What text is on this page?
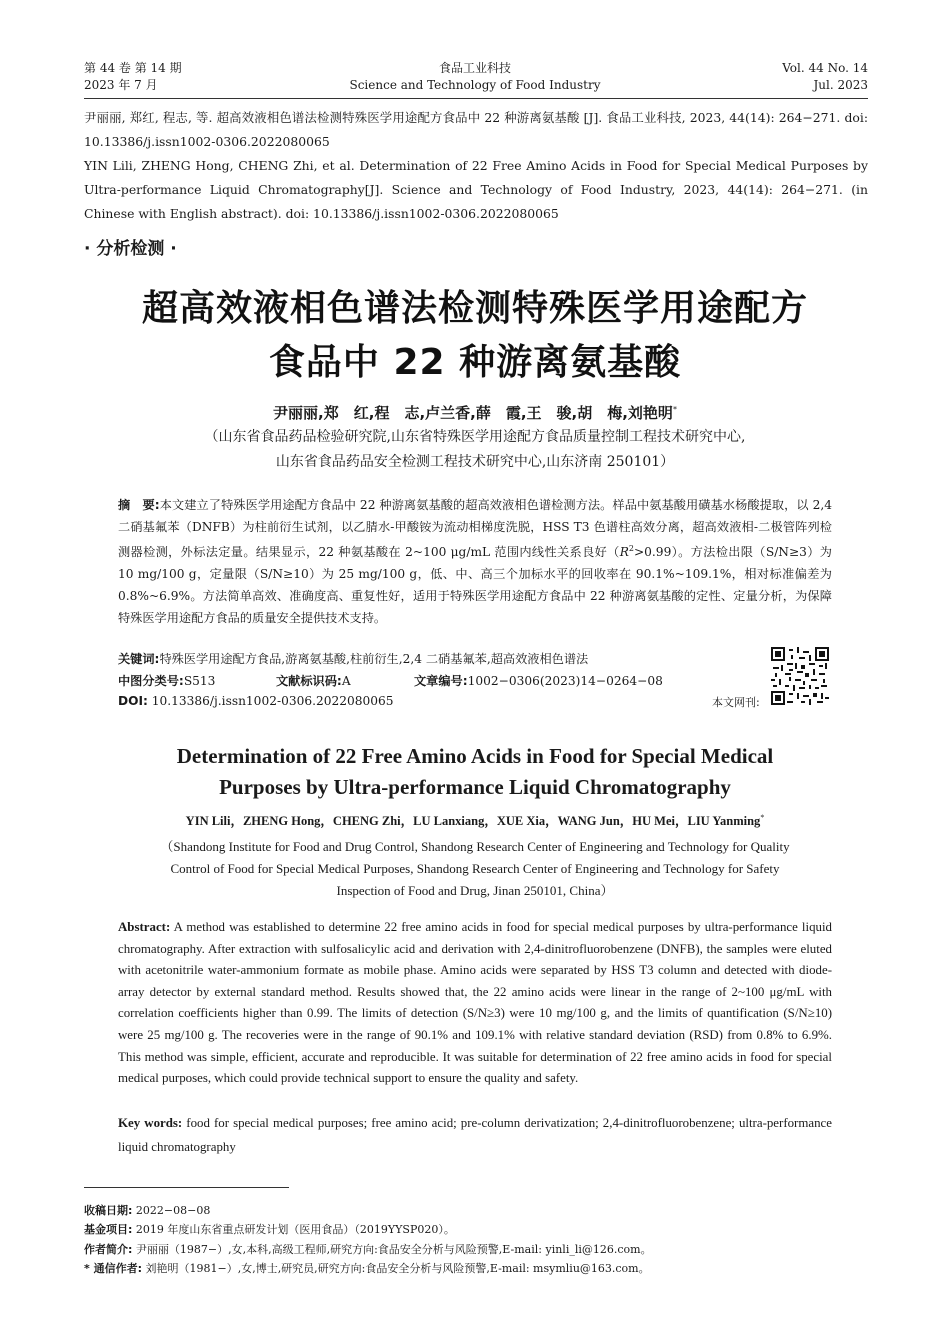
第 44 卷 第 14 期
2023 年 7 月
食品工业科技
Science and Technology of Food Industry
Vol. 44 No. 14
Jul. 2023
尹丽丽, 郑红, 程志, 等. 超高效液相色谱法检测特殊医学用途配方食品中 22 种游离氨基酸 [J]. 食品工业科技, 2023, 44(14): 264−271. doi: 10.13386/j.issn1002-0306.2022080065
YIN Lili, ZHENG Hong, CHENG Zhi, et al. Determination of 22 Free Amino Acids in Food for Special Medical Purposes by Ultra-performance Liquid Chromatography[J]. Science and Technology of Food Industry, 2023, 44(14): 264−271. (in Chinese with English abstract). doi: 10.13386/j.issn1002-0306.2022080065
· 分析检测 ·
超高效液相色谱法检测特殊医学用途配方
食品中 22 种游离氨基酸
尹丽丽,郑　红,程　志,卢兰香,薛　霞,王　骏,胡　梅,刘艳明*
（山东省食品药品检验研究院,山东省特殊医学用途配方食品质量控制工程技术研究中心,
山东省食品药品安全检测工程技术研究中心,山东济南 250101）
摘　要:本文建立了特殊医学用途配方食品中 22 种游离氨基酸的超高效液相色谱检测方法。样品中氨基酸用磺基水杨酸提取，以 2,4 二硝基氟苯（DNFB）为柱前衍生试剂，以乙腈水-甲酸铵为流动相梯度洗脱，HSS T3 色谱柱高效分离，超高效液相-二极管阵列检测器检测，外标法定量。结果显示，22 种氨基酸在 2~100 μg/mL 范围内线性关系良好$(R^2>0.99)$。方法检出限（S/N≥3）为 10 mg/100 g，定量限（S/N≥10）为 25 mg/100 g，低、中、高三个加标水平的回收率在 90.1%~109.1%，相对标准偏差为 0.8%~6.9%。方法简单高效、准确度高、重复性好，适用于特殊医学用途配方食品中 22 种游离氨基酸的定性、定量分析，为保障特殊医学用途配方食品的质量安全提供技术支持。
关键词:特殊医学用途配方食品,游离氨基酸,柱前衍生,2,4 二硝基氟苯,超高效液相色谱法
中图分类号:S513	文献标识码:A	文章编号:1002−0306(2023)14−0264−08
DOI: 10.13386/j.issn1002-0306.2022080065	本文网刊:
Determination of 22 Free Amino Acids in Food for Special Medical
Purposes by Ultra-performance Liquid Chromatography
YIN Lili，ZHENG Hong，CHENG Zhi，LU Lanxiang，XUE Xia，WANG Jun，HU Mei，LIU Yanming*
（Shandong Institute for Food and Drug Control, Shandong Research Center of Engineering and Technology for Quality
Control of Food for Special Medical Purposes, Shandong Research Center of Engineering and Technology for Safety
Inspection of Food and Drug, Jinan 250101, China）
Abstract: A method was established to determine 22 free amino acids in food for special medical purposes by ultra-performance liquid chromatography. After extraction with sulfosalicylic acid and derivation with 2,4-dinitrofluorobenzene (DNFB), the samples were eluted with acetonitrile water-ammonium formate as mobile phase. Amino acids were separated by HSS T3 column and detected with diode-array detector by external standard method. Results showed that, the 22 amino acids were linear in the range of 2~100 μg/mL with correlation coefficients higher than 0.99. The limits of detection (S/N≥3) were 10 mg/100 g, and the limits of quantification (S/N≥10) were 25 mg/100 g. The recoveries were in the range of 90.1% and 109.1% with relative standard deviation (RSD) from 0.8% to 6.9%. This method was simple, efficient, accurate and reproducible. It was suitable for determination of 22 free amino acids in food for special medical purposes, which could provide technical support to ensure the quality and safety.
Key words: food for special medical purposes; free amino acid; pre-column derivatization; 2,4-dinitrofluorobenzene; ultra-performance liquid chromatography
收稿日期: 2022−08−08
基金项目: 2019 年度山东省重点研发计划（医用食品）（2019YYSP020）。
作者简介: 尹丽丽（1987−）,女,本科,高级工程师,研究方向:食品安全分析与风险预警,E-mail: yinli_li@126.com。
* 通信作者: 刘艳明（1981−）,女,博士,研究员,研究方向:食品安全分析与风险预警,E-mail: msymliu@163.com。
